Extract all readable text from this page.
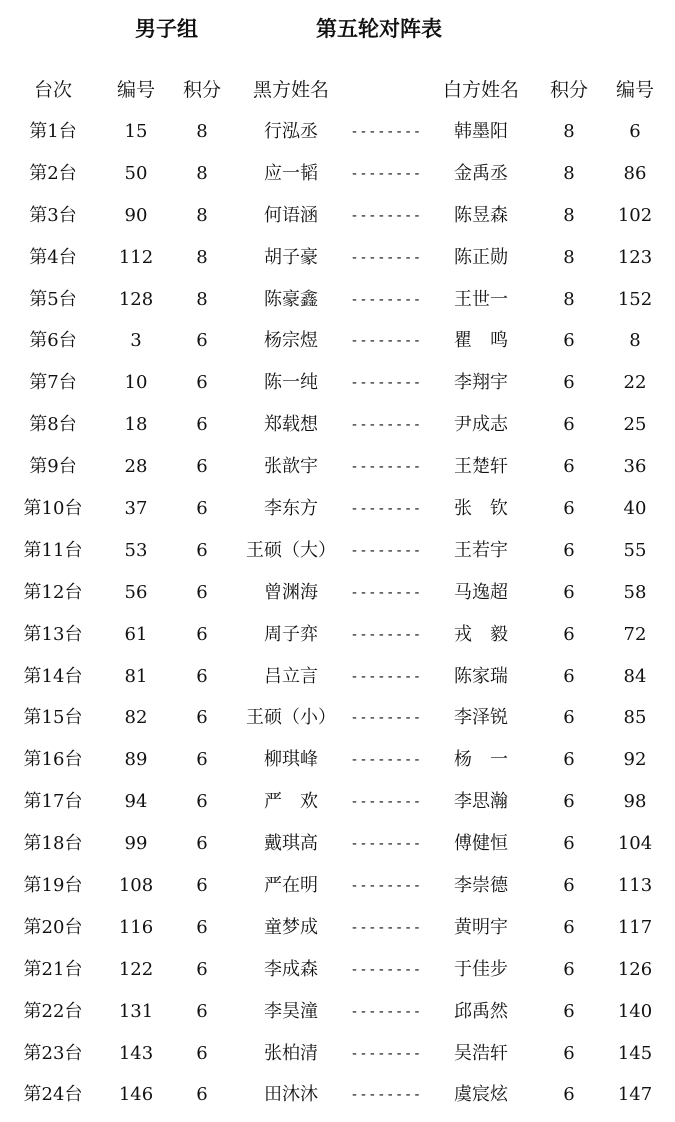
男子组	第五轮对阵表
台次	编号	积分	黑方姓名	白方姓名	积分	编号
第1台	15	8	行泓丞	--------	韩墨阳	8	6
第2台	50	8	应一韬	--------	金禹丞	8	86
第3台	90	8	何语涵	--------	陈昱森	8	102
第4台	112	8	胡子豪	--------	陈正勋	8	123
第5台	128	8	陈豪鑫	--------	王世一	8	152
第6台	3	6	杨宗煜	--------	瞿　鸣	6	8
第7台	10	6	陈一纯	--------	李翔宇	6	22
第8台	18	6	郑载想	--------	尹成志	6	25
第9台	28	6	张歆宇	--------	王楚轩	6	36
第10台	37	6	李东方	--------	张　钦	6	40
第11台	53	6	王硕（大）	--------	王若宇	6	55
第12台	56	6	曾渊海	--------	马逸超	6	58
第13台	61	6	周子弈	--------	戎　毅	6	72
第14台	81	6	吕立言	--------	陈家瑞	6	84
第15台	82	6	王硕（小）	--------	李泽锐	6	85
第16台	89	6	柳琪峰	--------	杨　一	6	92
第17台	94	6	严　欢	--------	李思瀚	6	98
第18台	99	6	戴琪高	--------	傅健恒	6	104
第19台	108	6	严在明	--------	李崇德	6	113
第20台	116	6	童梦成	--------	黄明宇	6	117
第21台	122	6	李成森	--------	于佳步	6	126
第22台	131	6	李昊潼	--------	邱禹然	6	140
第23台	143	6	张柏清	--------	吴浩轩	6	145
第24台	146	6	田沐沐	--------	虞宸炫	6	147
